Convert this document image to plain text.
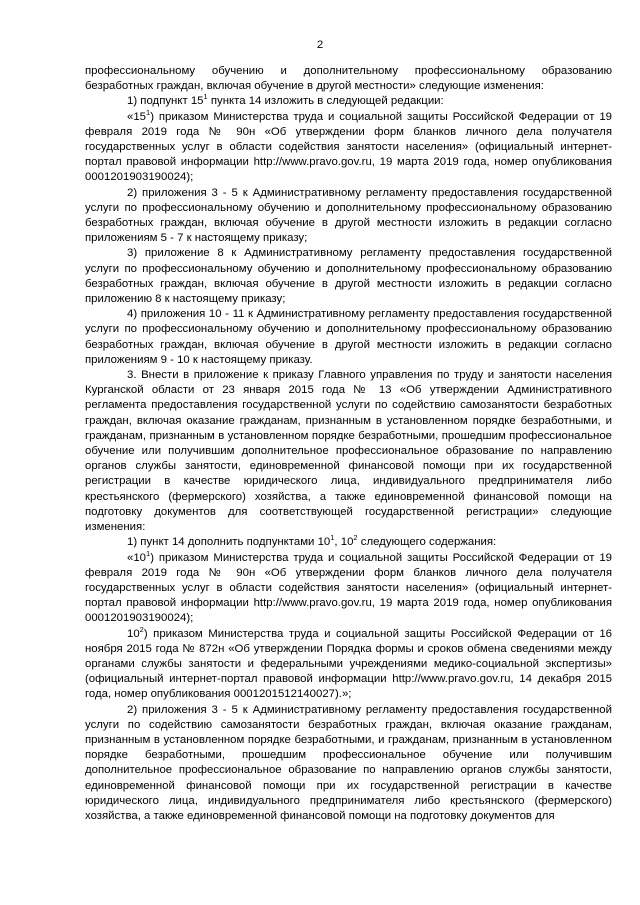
2

профессиональному обучению и дополнительному профессиональному образованию безработных граждан, включая обучение в другой местности» следующие изменения:

1) подпункт $15^1$ пункта 14 изложить в следующей редакции:

«$15^1$) приказом Министерства труда и социальной защиты Российской Федерации от 19 февраля 2019 года № 90н «Об утверждении форм бланков личного дела получателя государственных услуг в области содействия занятости населения» (официальный интернет-портал правовой информации http://www.pravo.gov.ru, 19 марта 2019 года, номер опубликования 0001201903190024);

2) приложения 3 - 5 к Административному регламенту предоставления государственной услуги по профессиональному обучению и дополнительному профессиональному образованию безработных граждан, включая обучение в другой местности изложить в редакции согласно приложениям 5 - 7 к настоящему приказу;

3) приложение 8 к Административному регламенту предоставления государственной услуги по профессиональному обучению и дополнительному профессиональному образованию безработных граждан, включая обучение в другой местности изложить в редакции согласно приложению 8 к настоящему приказу;

4) приложения 10 - 11 к Административному регламенту предоставления государственной услуги по профессиональному обучению и дополнительному профессиональному образованию безработных граждан, включая обучение в другой местности изложить в редакции согласно приложениям 9 - 10 к настоящему приказу.

3. Внести в приложение к приказу Главного управления по труду и занятости населения Курганской области от 23 января 2015 года № 13 «Об утверждении Административного регламента предоставления государственной услуги по содействию самозанятости безработных граждан, включая оказание гражданам, признанным в установленном порядке безработными, и гражданам, признанным в установленном порядке безработными, прошедшим профессиональное обучение или получившим дополнительное профессиональное образование по направлению органов службы занятости, единовременной финансовой помощи при их государственной регистрации в качестве юридического лица, индивидуального предпринимателя либо крестьянского (фермерского) хозяйства, а также единовременной финансовой помощи на подготовку документов для соответствующей государственной регистрации» следующие изменения:

1) пункт 14 дополнить подпунктами $10^1$, $10^2$ следующего содержания:

«$10^1$) приказом Министерства труда и социальной защиты Российской Федерации от 19 февраля 2019 года № 90н «Об утверждении форм бланков личного дела получателя государственных услуг в области содействия занятости населения» (официальный интернет-портал правовой информации http://www.pravo.gov.ru, 19 марта 2019 года, номер опубликования 0001201903190024);

$10^2$) приказом Министерства труда и социальной защиты Российской Федерации от 16 ноября 2015 года № 872н «Об утверждении Порядка формы и сроков обмена сведениями между органами службы занятости и федеральными учреждениями медико-социальной экспертизы» (официальный интернет-портал правовой информации http://www.pravo.gov.ru, 14 декабря 2015 года, номер опубликования 0001201512140027).»;

2) приложения 3 - 5 к Административному регламенту предоставления государственной услуги по содействию самозанятости безработных граждан, включая оказание гражданам, признанным в установленном порядке безработными, и гражданам, признанным в установленном порядке безработными, прошедшим профессиональное обучение или получившим дополнительное профессиональное образование по направлению органов службы занятости, единовременной финансовой помощи при их государственной регистрации в качестве юридического лица, индивидуального предпринимателя либо крестьянского (фермерского) хозяйства, а также единовременной финансовой помощи на подготовку документов для
